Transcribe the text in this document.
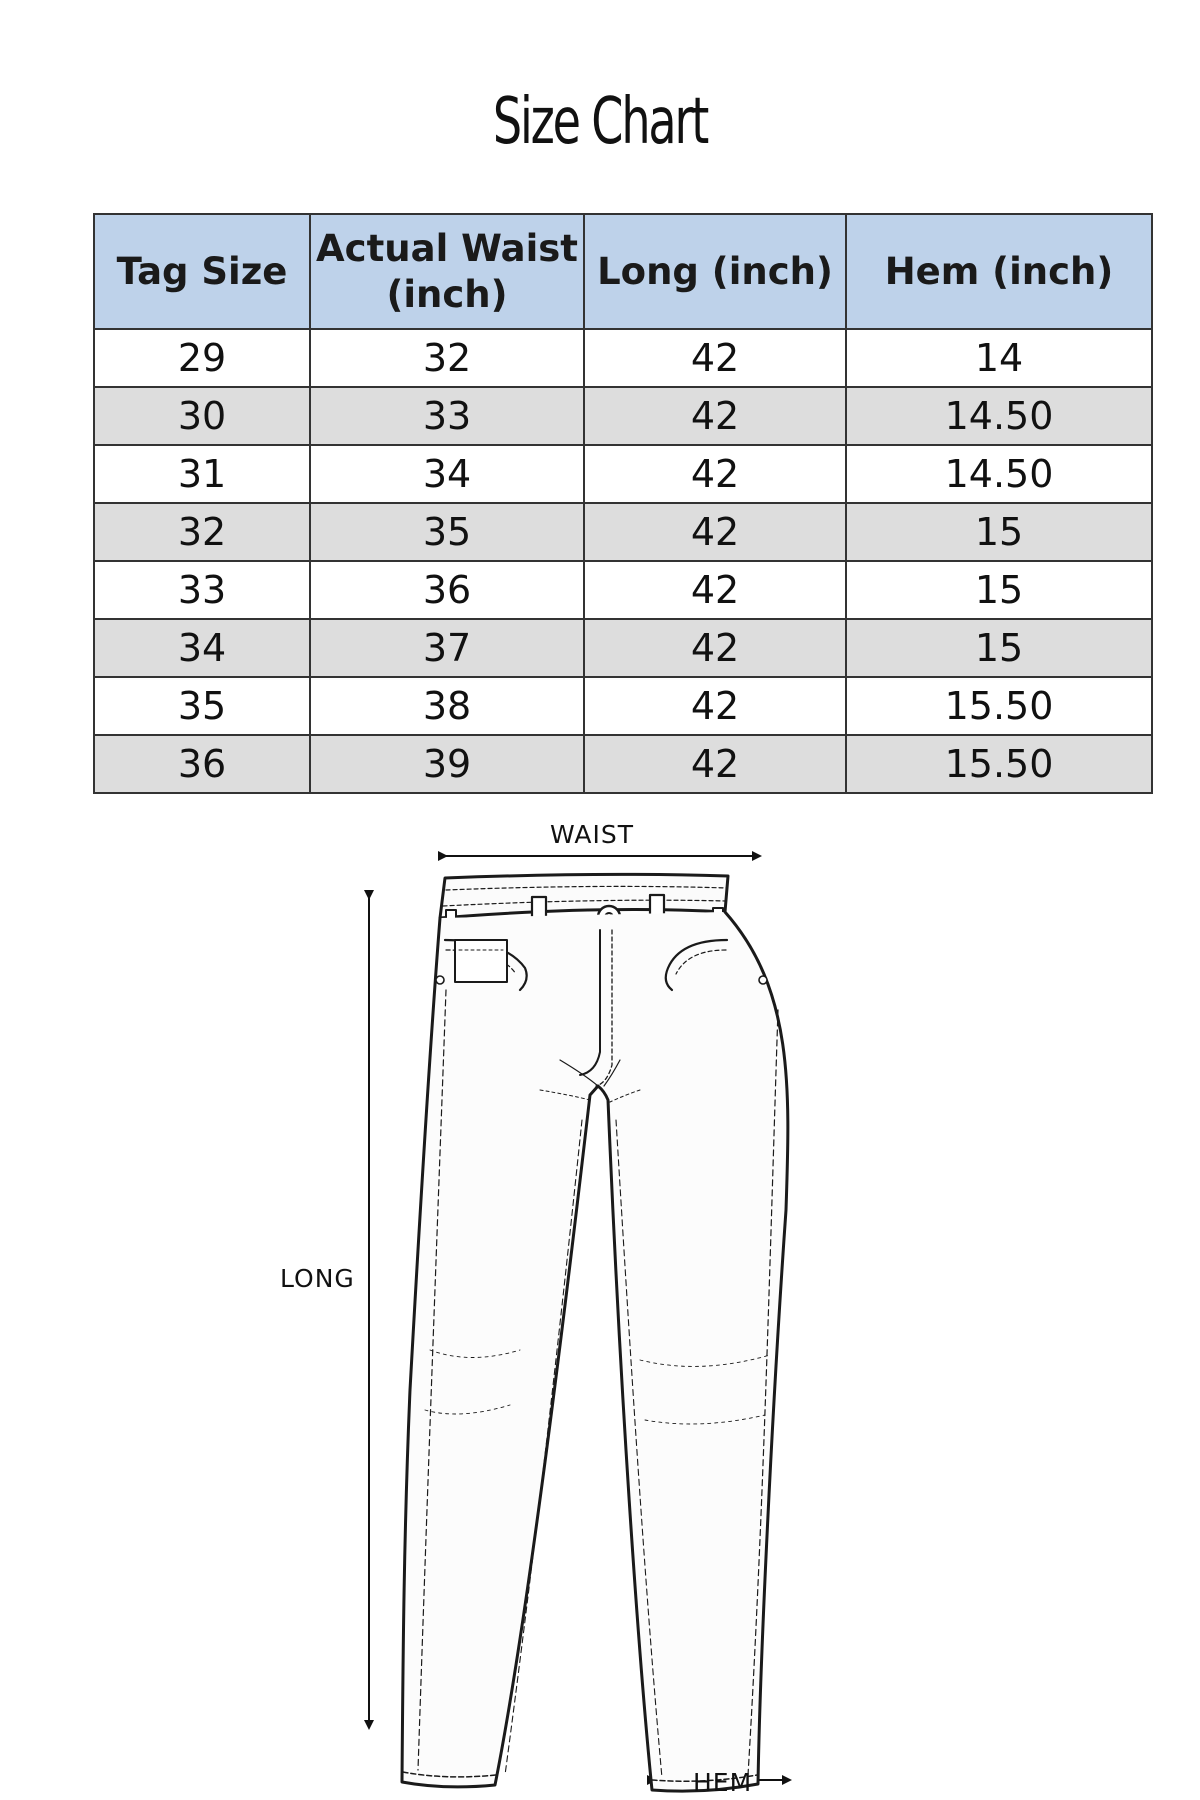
Size Chart
Tag Size	Actual Waist (inch)	Long (inch)	Hem (inch)
29	32	42	14
30	33	42	14.50
31	34	42	14.50
32	35	42	15
33	36	42	15
34	37	42	15
35	38	42	15.50
36	39	42	15.50
WAIST
LONG
HEM
